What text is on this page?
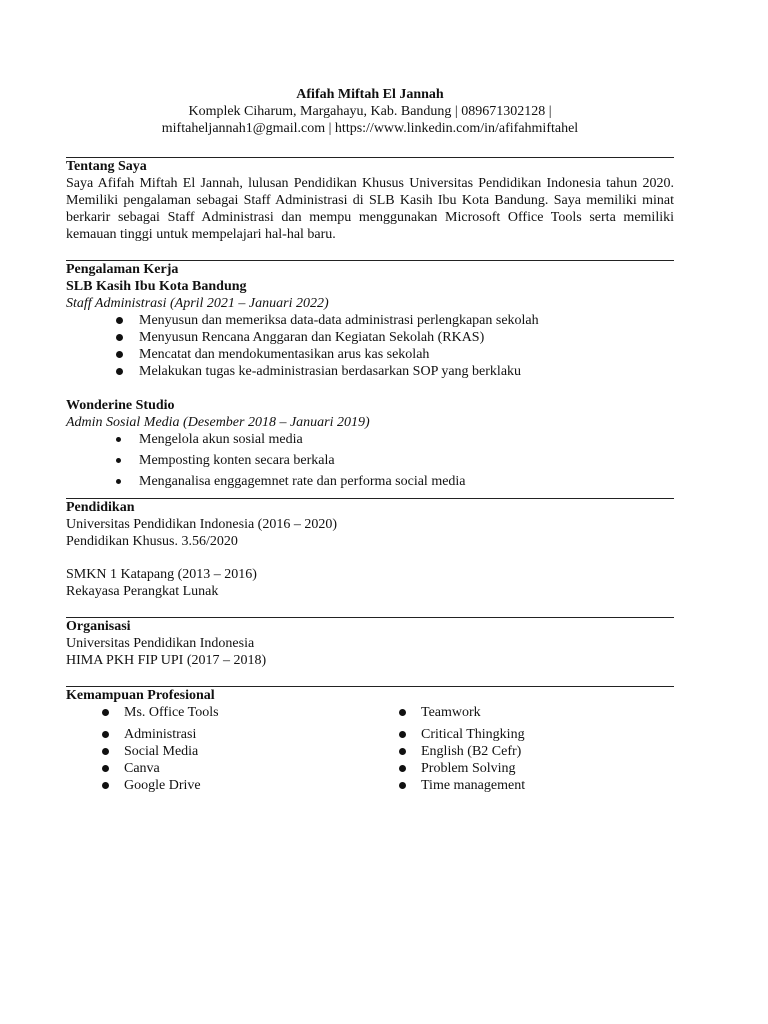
Afifah Miftah El Jannah
Komplek Ciharum, Margahayu, Kab. Bandung | 089671302128 |
miftaheljannah1@gmail.com | https://www.linkedin.com/in/afifahmiftahel
Tentang Saya
Saya Afifah Miftah El Jannah, lulusan Pendidikan Khusus Universitas Pendidikan Indonesia tahun 2020. Memiliki pengalaman sebagai Staff Administrasi di SLB Kasih Ibu Kota Bandung. Saya memiliki minat berkarir sebagai Staff Administrasi dan mempu menggunakan Microsoft Office Tools serta memiliki kemauan tinggi untuk mempelajari hal-hal baru.
Pengalaman Kerja
SLB Kasih Ibu Kota Bandung
Staff Administrasi (April 2021 – Januari 2022)
Menyusun dan memeriksa data-data administrasi perlengkapan sekolah
Menyusun Rencana Anggaran dan Kegiatan Sekolah (RKAS)
Mencatat dan mendokumentasikan arus kas sekolah
Melakukan tugas ke-administrasian berdasarkan SOP yang berklaku
Wonderine Studio
Admin Sosial Media (Desember 2018 – Januari 2019)
Mengelola akun sosial media
Memposting konten secara berkala
Menganalisa enggagemnet rate dan performa social media
Pendidikan
Universitas Pendidikan Indonesia (2016 – 2020)
Pendidikan Khusus. 3.56/2020
SMKN 1 Katapang (2013 – 2016)
Rekayasa Perangkat Lunak
Organisasi
Universitas Pendidikan Indonesia
HIMA PKH FIP UPI (2017 – 2018)
Kemampuan Profesional
Ms. Office Tools
Administrasi
Social Media
Canva
Google Drive
Teamwork
Critical Thingking
English (B2 Cefr)
Problem Solving
Time management
